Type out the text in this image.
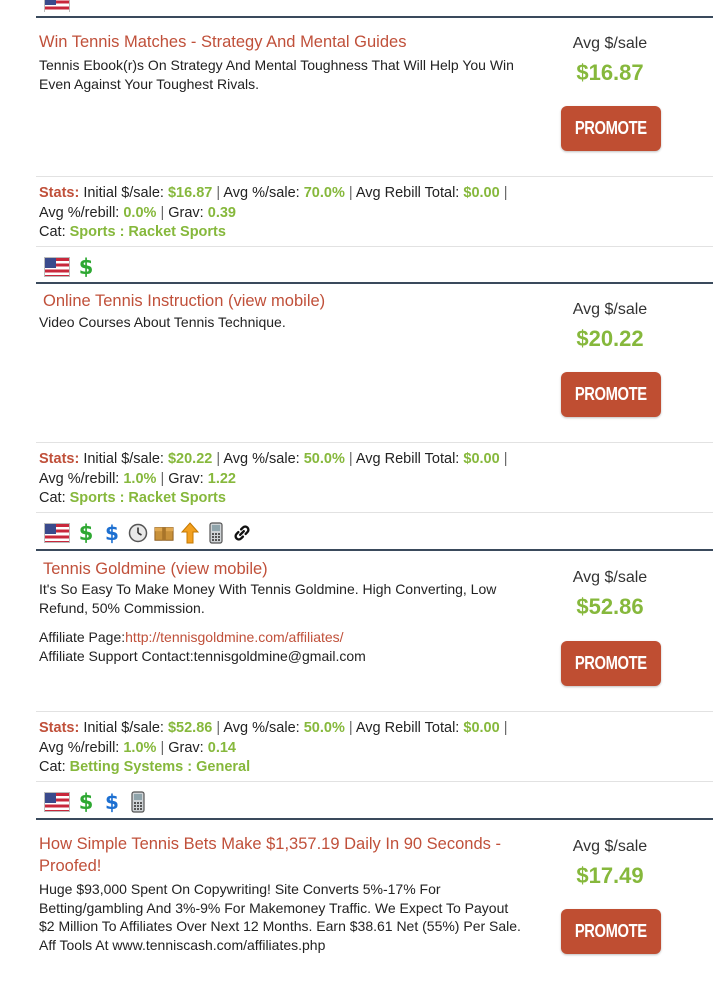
Win Tennis Matches - Strategy And Mental Guides
Tennis Ebook(r)s On Strategy And Mental Toughness That Will Help You Win Even Against Your Toughest Rivals.
Avg $/sale
$16.87
PROMOTE
Stats: Initial $/sale: $16.87 | Avg %/sale: 70.0% | Avg Rebill Total: $0.00 |
Avg %/rebill: 0.0% | Grav: 0.39
Cat: Sports : Racket Sports
$
Online Tennis Instruction (view mobile)
Video Courses About Tennis Technique.
Avg $/sale
$20.22
PROMOTE
Stats: Initial $/sale: $20.22 | Avg %/sale: 50.0% | Avg Rebill Total: $0.00 |
Avg %/rebill: 1.0% | Grav: 1.22
Cat: Sports : Racket Sports
$ $
Tennis Goldmine (view mobile)
It's So Easy To Make Money With Tennis Goldmine. High Converting, Low Refund, 50% Commission.
Affiliate Page:http://tennisgoldmine.com/affiliates/
Affiliate Support Contact:tennisgoldmine@gmail.com
Avg $/sale
$52.86
PROMOTE
Stats: Initial $/sale: $52.86 | Avg %/sale: 50.0% | Avg Rebill Total: $0.00 |
Avg %/rebill: 1.0% | Grav: 0.14
Cat: Betting Systems : General
$ $
How Simple Tennis Bets Make $1,357.19 Daily In 90 Seconds - Proofed!
Huge $93,000 Spent On Copywriting! Site Converts 5%-17% For Betting/gambling And 3%-9% For Makemoney Traffic. We Expect To Payout $2 Million To Affiliates Over Next 12 Months. Earn $38.61 Net (55%) Per Sale. Aff Tools At www.tenniscash.com/affiliates.php
Avg $/sale
$17.49
PROMOTE
